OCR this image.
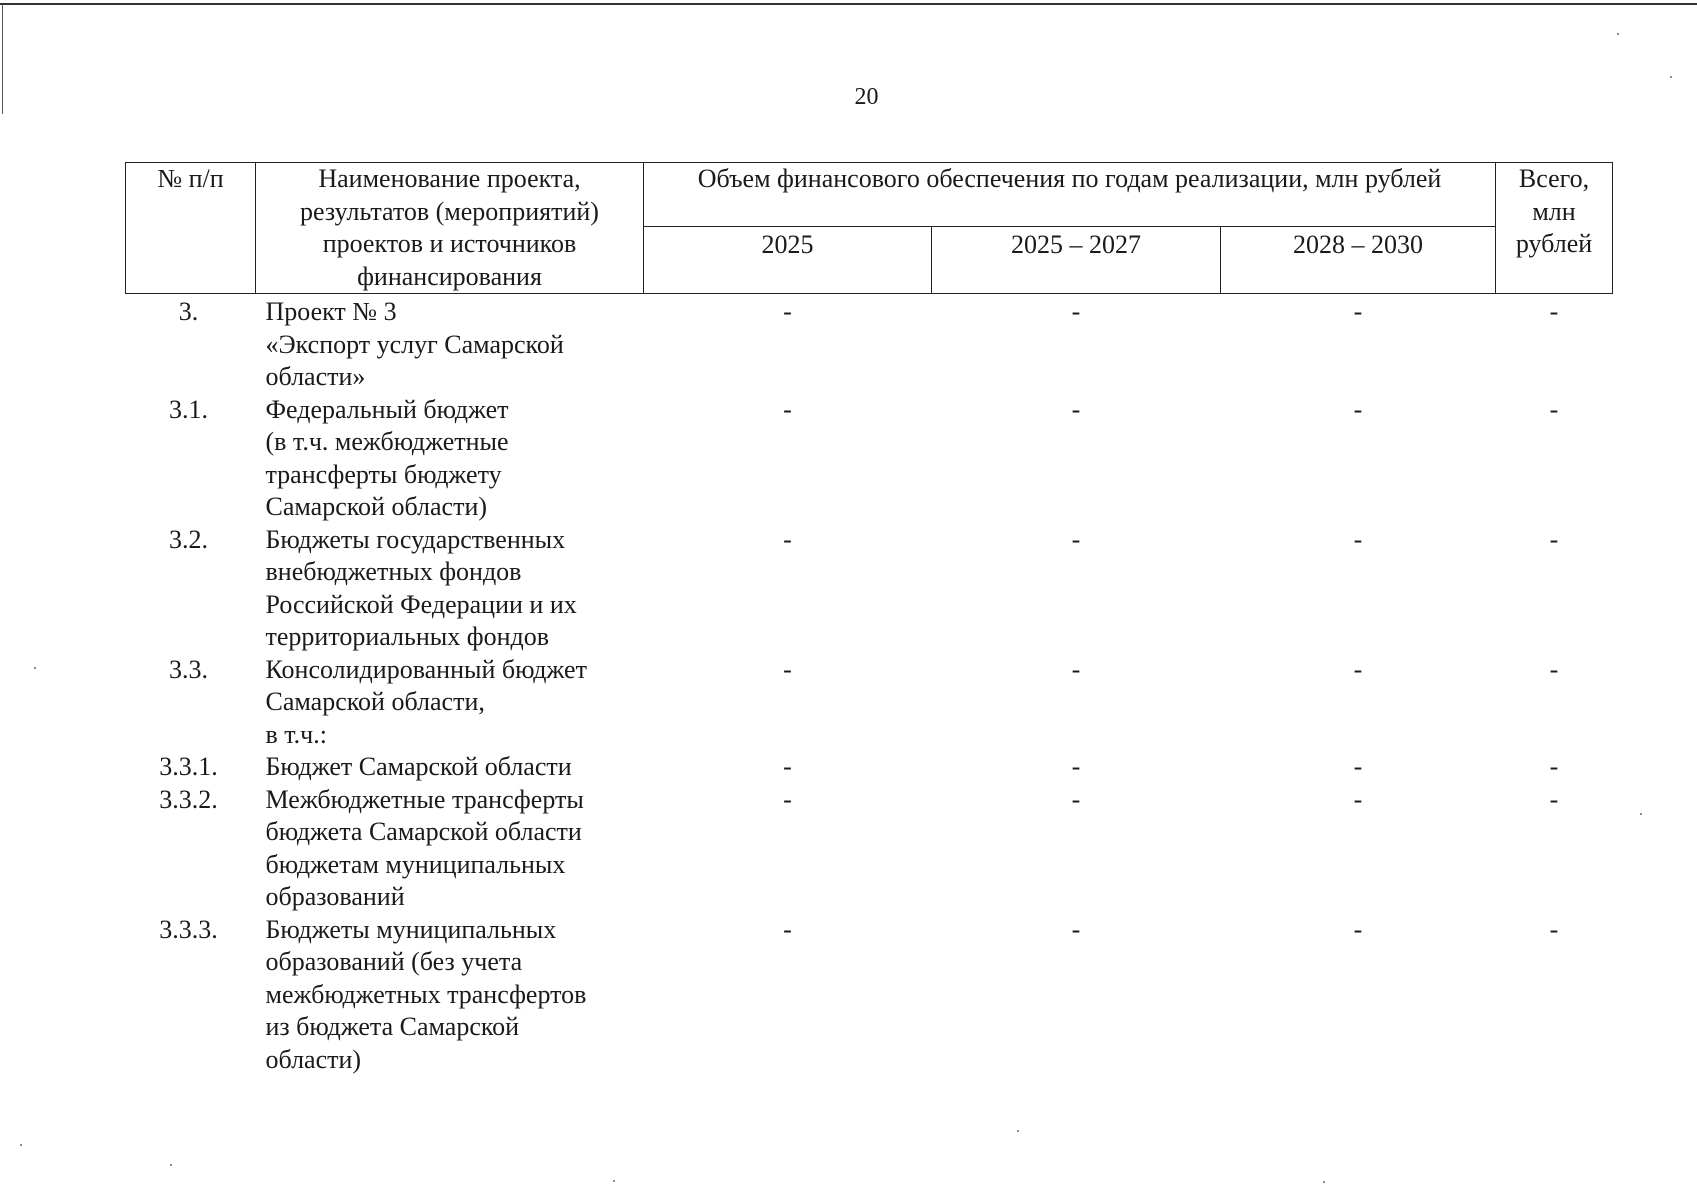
20
№ п/п	Наименование проекта, результатов (мероприятий) проектов и источников финансирования	Объем финансового обеспечения по годам реализации, млн рублей			Всего, млн рублей
		2025	2025 – 2027	2028 – 2030	
3.	Проект № 3
«Экспорт услуг Самарской
области»	-	-	-	-
3.1.	Федеральный бюджет
(в т.ч. межбюджетные
трансферты бюджету
Самарской области)	-	-	-	-
3.2.	Бюджеты государственных
внебюджетных фондов
Российской Федерации и их
территориальных фондов	-	-	-	-
3.3.	Консолидированный бюджет
Самарской области,
в т.ч.:	-	-	-	-
3.3.1.	Бюджет Самарской области	-	-	-	-
3.3.2.	Межбюджетные трансферты
бюджета Самарской области
бюджетам муниципальных
образований	-	-	-	-
3.3.3.	Бюджеты муниципальных
образований (без учета
межбюджетных трансфертов
из бюджета Самарской
области)	-	-	-	-
